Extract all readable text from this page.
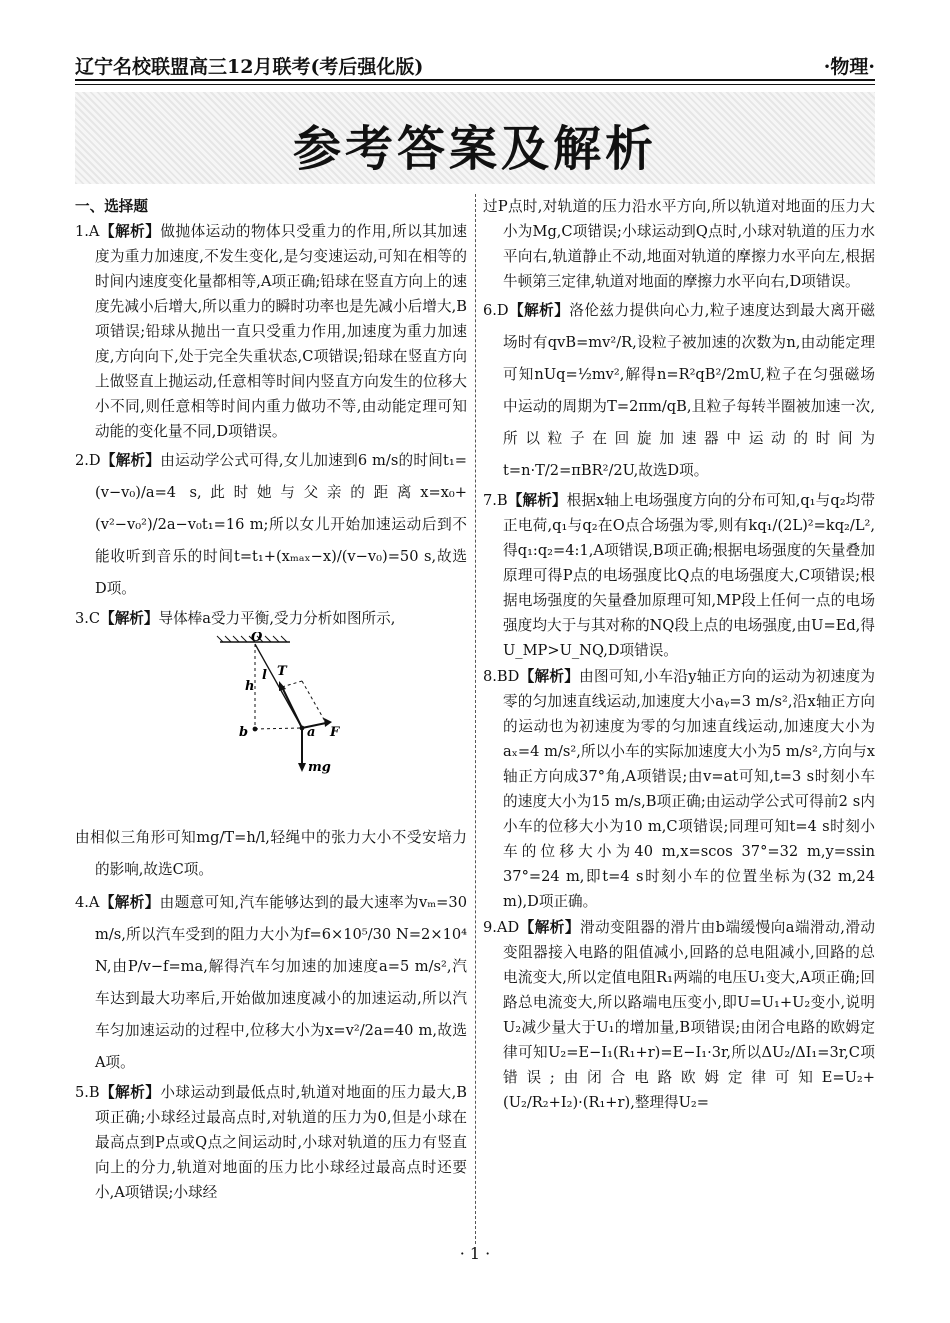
辽宁名校联盟高三12月联考(考后强化版)	·物理·
参考答案及解析
一、选择题
1.A【解析】做抛体运动的物体只受重力的作用,所以其加速度为重力加速度,不发生变化,是匀变速运动,可知在相等的时间内速度变化量都相等,A项正确;铅球在竖直方向上的速度先减小后增大,所以重力的瞬时功率也是先减小后增大,B项错误;铅球从抛出一直只受重力作用,加速度为重力加速度,方向向下,处于完全失重状态,C项错误;铅球在竖直方向上做竖直上抛运动,任意相等时间内竖直方向发生的位移大小不同,则任意相等时间内重力做功不等,由动能定理可知动能的变化量不同,D项错误。
2.D【解析】由运动学公式可得,女儿加速到6 m/s的时间t₁=(v−v₀)/a=4 s,此时她与父亲的距离x=x₀+(v²−v₀²)/2a−v₀t₁=16 m;所以女儿开始加速运动后到不能收听到音乐的时间t=t₁+(xₘₐₓ−x)/(v−v₀)=50 s,故选D项。
3.C【解析】导体棒a受力平衡,受力分析如图所示,
O
l T
h
b	a F
mg
由相似三角形可知mg/T=h/l,轻绳中的张力大小不受安培力的影响,故选C项。
4.A【解析】由题意可知,汽车能够达到的最大速率为vₘ=30 m/s,所以汽车受到的阻力大小为f=6×10⁵/30 N=2×10⁴ N,由P/v−f=ma,解得汽车匀加速的加速度a=5 m/s²,汽车达到最大功率后,开始做加速度减小的加速运动,所以汽车匀加速运动的过程中,位移大小为x=v²/2a=40 m,故选A项。
5.B【解析】小球运动到最低点时,轨道对地面的压力最大,B项正确;小球经过最高点时,对轨道的压力为0,但是小球在最高点到P点或Q点之间运动时,小球对轨道的压力有竖直向上的分力,轨道对地面的压力比小球经过最高点时还要小,A项错误;小球经
过P点时,对轨道的压力沿水平方向,所以轨道对地面的压力大小为Mg,C项错误;小球运动到Q点时,小球对轨道的压力水平向右,轨道静止不动,地面对轨道的摩擦力水平向左,根据牛顿第三定律,轨道对地面的摩擦力水平向右,D项错误。
6.D【解析】洛伦兹力提供向心力,粒子速度达到最大离开磁场时有qvB=mv²/R,设粒子被加速的次数为n,由动能定理可知nUq=½mv²,解得n=R²qB²/2mU,粒子在匀强磁场中运动的周期为T=2πm/qB,且粒子每转半圈被加速一次,所以粒子在回旋加速器中运动的时间为t=n·T/2=πBR²/2U,故选D项。
7.B【解析】根据x轴上电场强度方向的分布可知,q₁与q₂均带正电荷,q₁与q₂在O点合场强为零,则有kq₁/(2L)²=kq₂/L²,得q₁:q₂=4:1,A项错误,B项正确;根据电场强度的矢量叠加原理可得P点的电场强度比Q点的电场强度大,C项错误;根据电场强度的矢量叠加原理可知,MP段上任何一点的电场强度均大于与其对称的NQ段上点的电场强度,由U=Ed,得U_MP>U_NQ,D项错误。
8.BD【解析】由图可知,小车沿y轴正方向的运动为初速度为零的匀加速直线运动,加速度大小aᵧ=3 m/s²,沿x轴正方向的运动也为初速度为零的匀加速直线运动,加速度大小为aₓ=4 m/s²,所以小车的实际加速度大小为5 m/s²,方向与x轴正方向成37°角,A项错误;由v=at可知,t=3 s时刻小车的速度大小为15 m/s,B项正确;由运动学公式可得前2 s内小车的位移大小为10 m,C项错误;同理可知t=4 s时刻小车的位移大小为40 m,x=scos 37°=32 m,y=ssin 37°=24 m,即t=4 s时刻小车的位置坐标为(32 m,24 m),D项正确。
9.AD【解析】滑动变阻器的滑片由b端缓慢向a端滑动,滑动变阻器接入电路的阻值减小,回路的总电阻减小,回路的总电流变大,所以定值电阻R₁两端的电压U₁变大,A项正确;回路总电流变大,所以路端电压变小,即U=U₁+U₂变小,说明U₂减少量大于U₁的增加量,B项错误;由闭合电路的欧姆定律可知U₂=E−I₁(R₁+r)=E−I₁·3r,所以ΔU₂/ΔI₁=3r,C项错误;由闭合电路欧姆定律可知E=U₂+(U₂/R₂+I₂)·(R₁+r),整理得U₂=
· 1 ·
